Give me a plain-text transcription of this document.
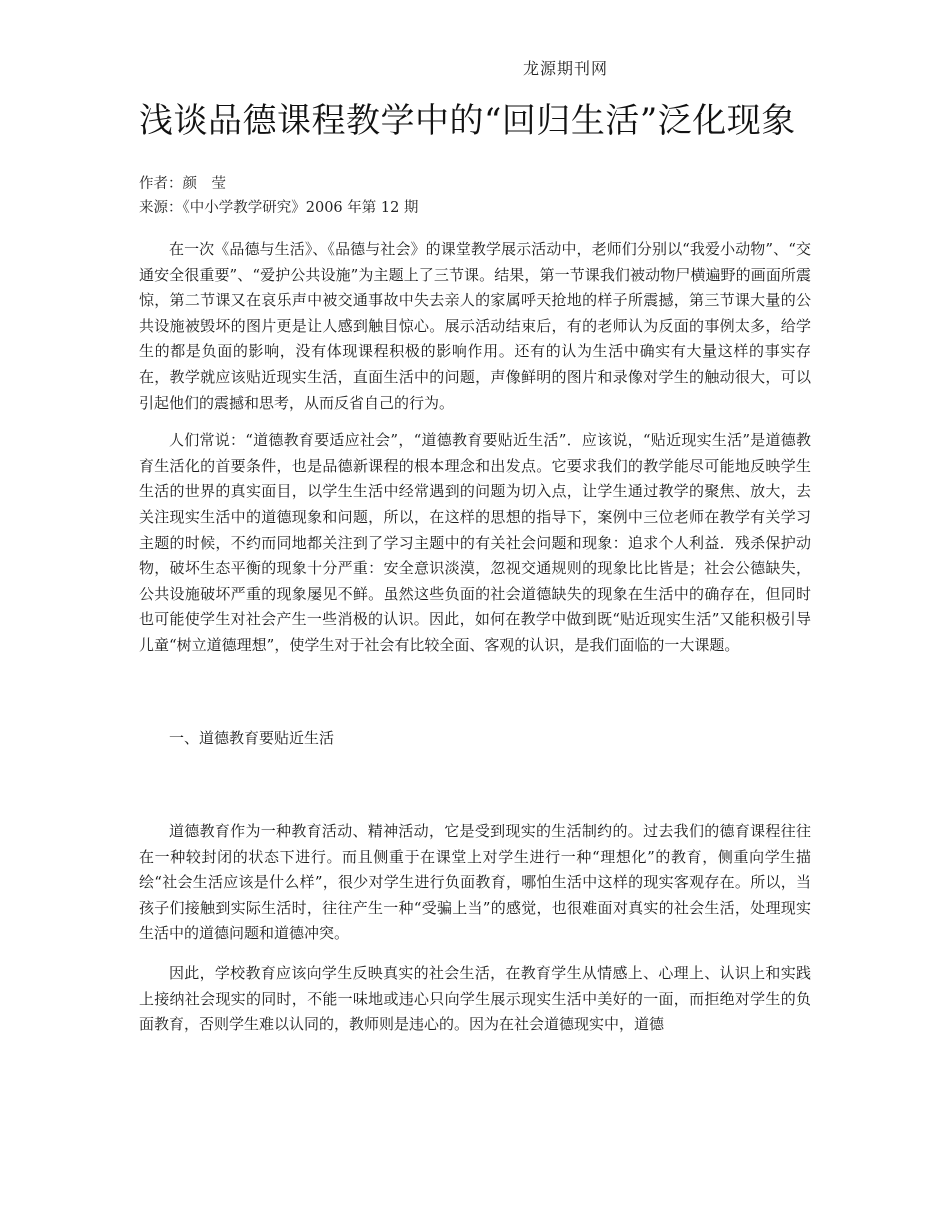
龙源期刊网
浅谈品德课程教学中的“回归生活”泛化现象
作者：颜　莹
来源：《中小学教学研究》2006 年第 12 期

在一次《品德与生活》、《品德与社会》的课堂教学展示活动中，老师们分别以“我爱小动物”、“交通安全很重要”、“爱护公共设施”为主题上了三节课。结果，第一节课我们被动物尸横遍野的画面所震惊，第二节课又在哀乐声中被交通事故中失去亲人的家属呼天抢地的样子所震撼，第三节课大量的公共设施被毁坏的图片更是让人感到触目惊心。展示活动结束后，有的老师认为反面的事例太多，给学生的都是负面的影响，没有体现课程积极的影响作用。还有的认为生活中确实有大量这样的事实存在，教学就应该贴近现实生活，直面生活中的问题，声像鲜明的图片和录像对学生的触动很大，可以引起他们的震撼和思考，从而反省自己的行为。

人们常说：“道德教育要适应社会”，“道德教育要贴近生活”．应该说，“贴近现实生活”是道德教育生活化的首要条件，也是品德新课程的根本理念和出发点。它要求我们的教学能尽可能地反映学生生活的世界的真实面目，以学生生活中经常遇到的问题为切入点，让学生通过教学的聚焦、放大，去关注现实生活中的道德现象和问题，所以，在这样的思想的指导下，案例中三位老师在教学有关学习主题的时候，不约而同地都关注到了学习主题中的有关社会问题和现象：追求个人利益．残杀保护动物，破坏生态平衡的现象十分严重：安全意识淡漠，忽视交通规则的现象比比皆是；社会公德缺失，公共设施破坏严重的现象屡见不鲜。虽然这些负面的社会道德缺失的现象在生活中的确存在，但同时也可能使学生对社会产生一些消极的认识。因此，如何在教学中做到既“贴近现实生活”又能积极引导儿童“树立道德理想”，使学生对于社会有比较全面、客观的认识，是我们面临的一大课题。

一、道德教育要贴近生活

道德教育作为一种教育活动、精神活动，它是受到现实的生活制约的。过去我们的德育课程往往在一种较封闭的状态下进行。而且侧重于在课堂上对学生进行一种“理想化”的教育，侧重向学生描绘“社会生活应该是什么样”，很少对学生进行负面教育，哪怕生活中这样的现实客观存在。所以，当孩子们接触到实际生活时，往往产生一种“受骗上当”的感觉，也很难面对真实的社会生活，处理现实生活中的道德问题和道德冲突。

因此，学校教育应该向学生反映真实的社会生活，在教育学生从情感上、心理上、认识上和实践上接纳社会现实的同时，不能一味地或违心只向学生展示现实生活中美好的一面，而拒绝对学生的负面教育，否则学生难以认同的，教师则是违心的。因为在社会道德现实中，道德
